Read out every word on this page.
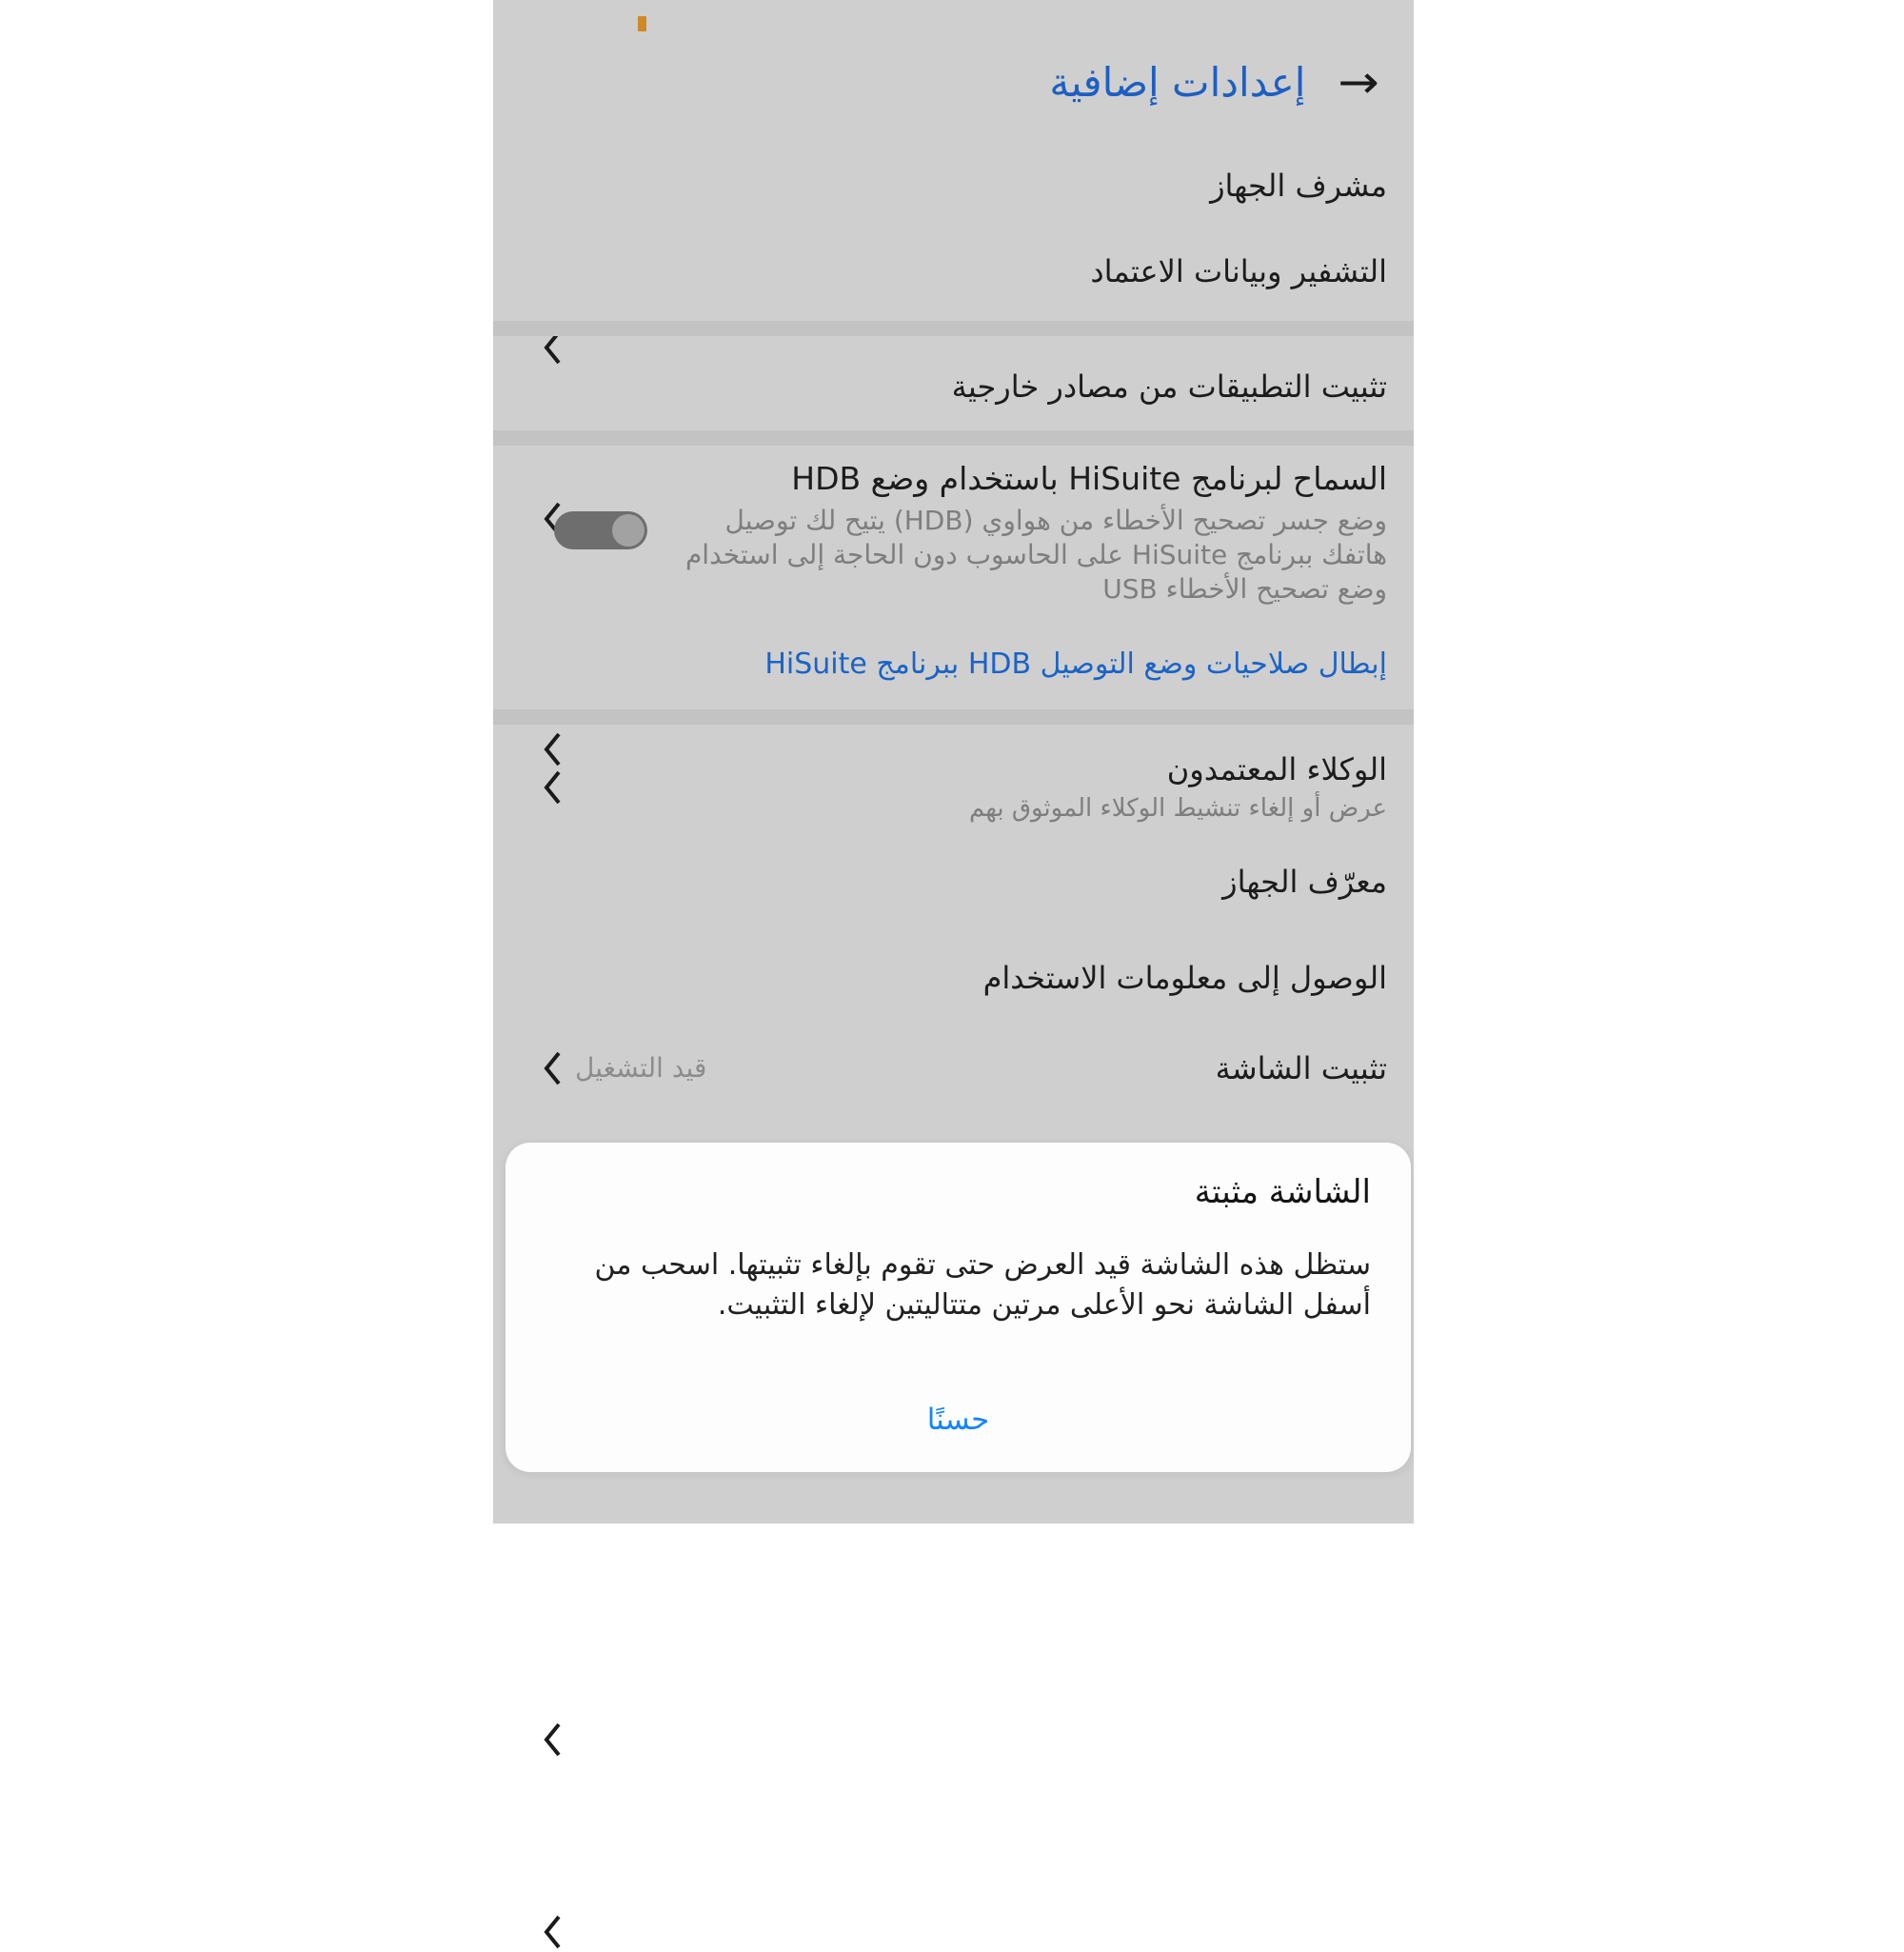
→
إعدادات إضافية
مشرف الجهاز
التشفير وبيانات الاعتماد
تثبيت التطبيقات من مصادر خارجية
السماح لبرنامج HiSuite باستخدام وضع HDB
وضع جسر تصحيح الأخطاء من هواوي (HDB) يتيح لك توصيل هاتفك ببرنامج HiSuite على الحاسوب دون الحاجة إلى استخدام وضع تصحيح الأخطاء USB
إبطال صلاحيات وضع التوصيل HDB ببرنامج HiSuite
الوكلاء المعتمدون
عرض أو إلغاء تنشيط الوكلاء الموثوق بهم
معرّف الجهاز
الوصول إلى معلومات الاستخدام
تثبيت الشاشة
قيد التشغيل
الشاشة مثبتة
ستظل هذه الشاشة قيد العرض حتى تقوم بإلغاء تثبيتها. اسحب من أسفل الشاشة نحو الأعلى مرتين متتاليتين لإلغاء التثبيت.
حسنًا
